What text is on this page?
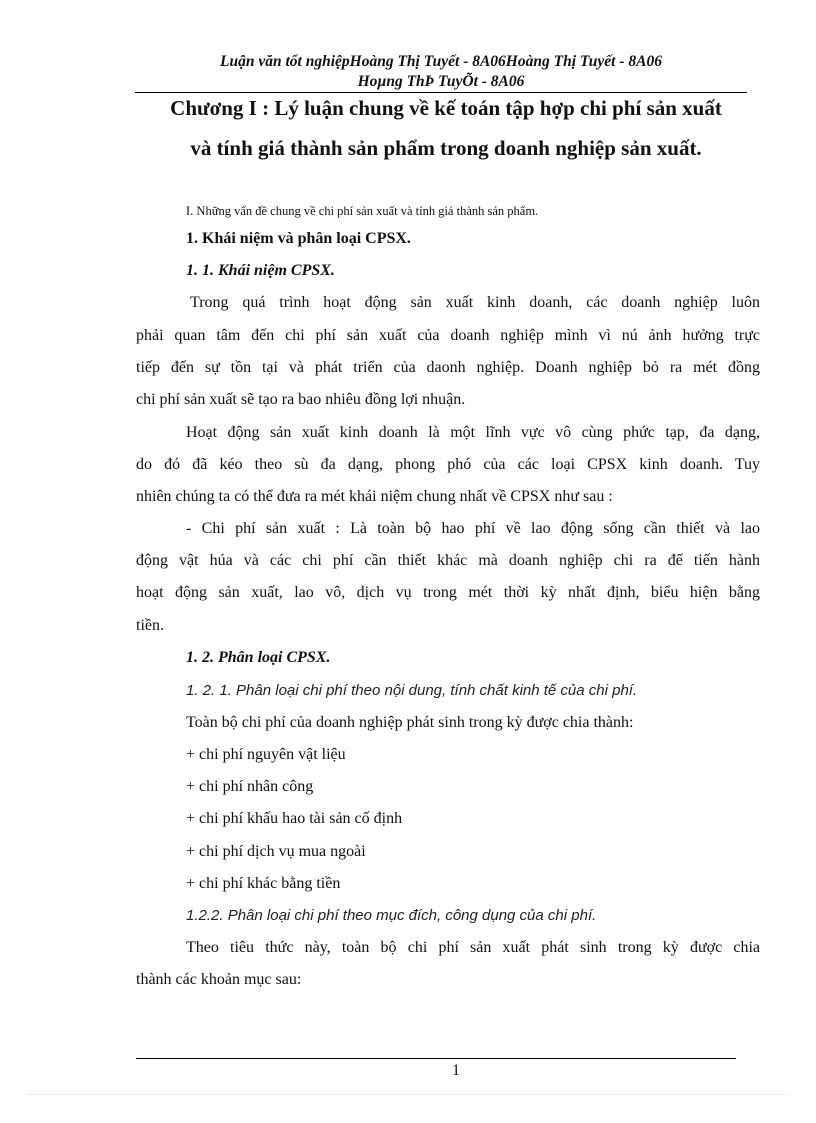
Luận văn tốt nghiệpHoàng Thị Tuyết - 8A06Hoàng Thị Tuyết - 8A06
Hoµng ThÞ TuyÕt - 8A06
Chương I : Lý luận chung về kế toán tập hợp chi phí sản xuất
và tính giá thành sản phẩm trong doanh nghiệp sản xuất.
I. Những vấn đề chung về chi phí sản xuất và tính giá thành sản phẩm.
1. Khái niệm và phân loại CPSX.
1. 1. Khái niệm CPSX.
Trong quá trình hoạt động sản xuất kinh doanh, các doanh nghiệp luôn
phải quan tâm đến chi phí sản xuất của doanh nghiệp mình vì nú ảnh hưởng trực
tiếp đến sự tồn tại và phát triển của daonh nghiệp. Doanh nghiệp bỏ ra mét đồng
chi phí sản xuất sẽ tạo ra bao nhiêu đồng lợi nhuận.
Hoạt động sản xuất kinh doanh là một lĩnh vực vô cùng phức tạp, đa dạng,
do đó đã kéo theo sù đa dạng, phong phó của các loại CPSX kinh doanh. Tuy
nhiên chúng ta có thể đưa ra mét khái niệm chung nhất về CPSX như sau :
- Chi phí sản xuất : Là toàn bộ hao phí về lao động sống cần thiết và lao
động vật húa và các chi phí cần thiết khác mà doanh nghiệp chi ra để tiến hành
hoạt động sản xuất, lao vô, dịch vụ trong mét thời kỳ nhất định, biểu hiện bằng
tiền.
1. 2. Phân loại CPSX.
1. 2. 1. Phân loại chi phí theo nội dung, tính chất kinh tế của chi phí.
Toàn bộ chi phí của doanh nghiệp phát sinh trong kỳ được chia thành:
+ chi phí nguyên vật liệu
+ chi phí nhân công
+ chi phí khấu hao tài sản cố định
+ chi phí dịch vụ mua ngoài
+ chi phí khác bằng tiền
1.2.2. Phân loại chi phí theo mục đích, công dụng của chi phí.
Theo tiêu thức này, toàn bộ chi phí sản xuất phát sinh trong kỳ được chia
thành các khoản mục sau:
1
